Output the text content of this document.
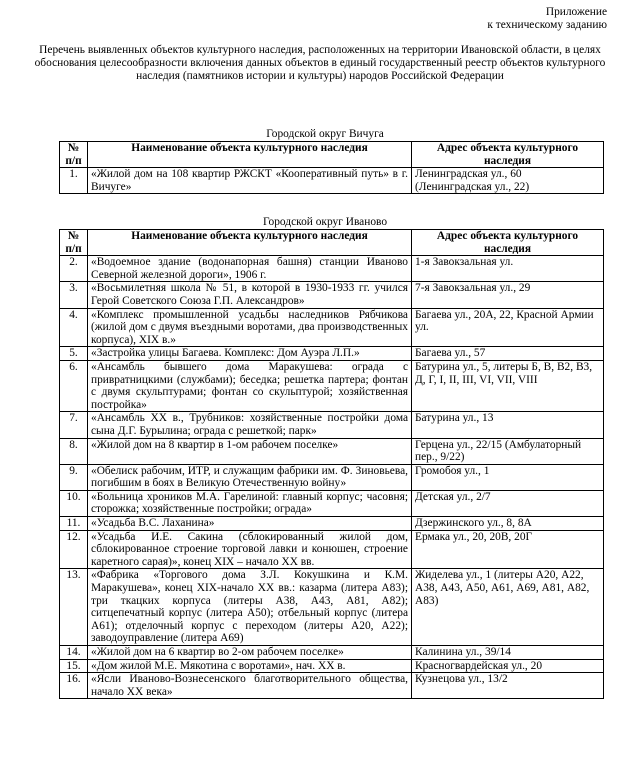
Приложение
к техническому заданию
Перечень выявленных объектов культурного наследия, расположенных на территории Ивановской области, в целях обоснования целесообразности включения данных объектов в единый государственный реестр объектов культурного наследия (памятников истории и культуры) народов Российской Федерации
Городской округ Вичуга
№ п/п	Наименование объекта культурного наследия	Адрес объекта культурного наследия
1.	«Жилой дом на 108 квартир РЖСКТ «Кооперативный путь» в г. Вичуге»	Ленинградская ул., 60 (Ленинградская ул., 22)
Городской округ Иваново
№ п/п	Наименование объекта культурного наследия	Адрес объекта культурного наследия
2.	«Водоемное здание (водонапорная башня) станции Иваново Северной железной дороги», 1906 г.	1-я Завокзальная ул.
3.	«Восьмилетняя школа № 51, в которой в 1930-1933 гг. учился Герой Советского Союза Г.П. Александров»	7-я Завокзальная ул., 29
4.	«Комплекс промышленной усадьбы наследников Рябчикова (жилой дом с двумя въездными воротами, два производственных корпуса), XIX в.»	Багаева ул., 20А, 22, Красной Армии ул.
5.	«Застройка улицы Багаева. Комплекс: Дом Ауэра Л.П.»	Багаева ул., 57
6.	«Ансамбль бывшего дома Маракушева: ограда с привратницкими (службами); беседка; решетка партера; фонтан с двумя скульптурами; фонтан со скульптурой; хозяйственная постройка»	Батурина ул., 5, литеры Б, В, В2, В3, Д, Г, I, II, III, VI, VII, VIII
7.	«Ансамбль XX в., Трубников: хозяйственные постройки дома сына Д.Г. Бурылина; ограда с решеткой; парк»	Батурина ул., 13
8.	«Жилой дом на 8 квартир в 1-ом рабочем поселке»	Герцена ул., 22/15 (Амбулаторный пер., 9/22)
9.	«Обелиск рабочим, ИТР, и служащим фабрики им. Ф. Зиновьева, погибшим в боях в Великую Отечественную войну»	Громобоя ул., 1
10.	«Больница хроников М.А. Гарелиной: главный корпус; часовня; сторожка; хозяйственные постройки; ограда»	Детская ул., 2/7
11.	«Усадьба В.С. Лаханина»	Дзержинского ул., 8, 8А
12.	«Усадьба И.Е. Сакина (сблокированный жилой дом, сблокированное строение торговой лавки и конюшен, строение каретного сарая)», конец XIX – начало XX вв.	Ермака ул., 20, 20В, 20Г
13.	«Фабрика «Торгового дома З.Л. Кокушкина и К.М. Маракушева», конец XIX-начало XX вв.: казарма (литера А83); три ткацких корпуса (литеры А38, А43, А81, А82); ситцепечатный корпус (литера А50); отбельный корпус (литера А61); отделочный корпус с переходом (литеры А20, А22); заводоуправление (литера А69)	Жиделева ул., 1 (литеры А20, А22, А38, А43, А50, А61, А69, А81, А82, А83)
14.	«Жилой дом на 6 квартир во 2-ом рабочем поселке»	Калинина ул., 39/14
15.	«Дом жилой М.Е. Мякотина с воротами», нач. XX в.	Красногвардейская ул., 20
16.	«Ясли Иваново-Вознесенского благотворительного общества, начало XX века»	Кузнецова ул., 13/2
